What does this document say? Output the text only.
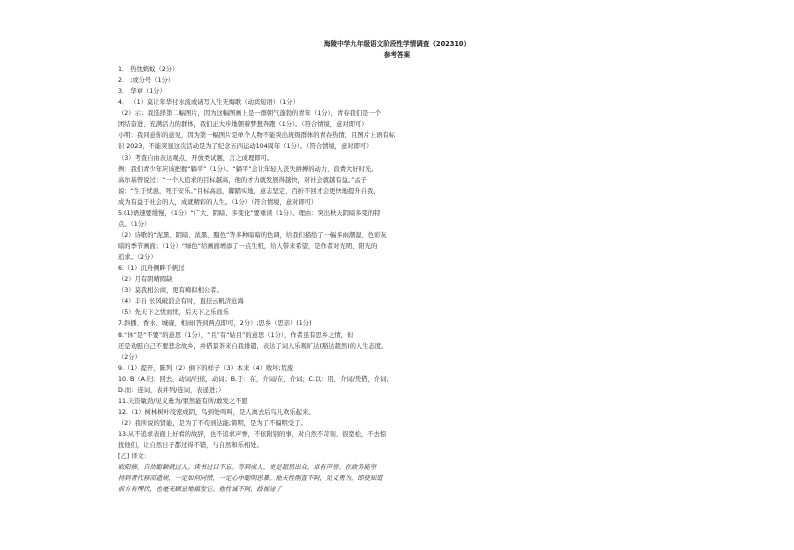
海陵中学九年级语文阶段性学情调查（202310）
参考答案
1． 热忱蚂蚁（2分）
2． ;或分号（1分）
3． 华章（1分）
4． （1）莫让年华付水流或请写人生无悔歌（动宾短语）（1分）
（2）示：我选择第二幅图片，因为这幅图画上是一群朝气蓬勃的青年（1分），青春我们是一个
团结奋进、充满活力的群体，我们正大步地朝着梦想奔跑（1分）。（符合情境，意对即可）
小明：我同意你的意见，因为第一幅图片是单个人物不能突出班级群体的青春热情，且图片上语有标
识 2023，不能突显这次活动是为了纪念五四运动104周年（1分）。（符合情境，意对即可）
（3）考查自由表达观点，开放类试题，言之成理即可。
例：我们青少年应该把握“躺平”（1分）。“躺平”会让年轻人丧失拼搏的动力，浪费大好时光。
高尔基曾说过：“一个人追求的目标越高，他的才力就发展得越快，对社会就越有益。”孟子
说：“生于忧患，死于安乐。”目标高远，脚踏实地，意志坚定，百折不回才会更快地提升自我，
成为有益于社会的人，成就精彩的人生。（1分）（符合情境，意对即可）
5.(1)语速要缓慢，（1分）“广大、阴暗、多变化”要重读（1分）。理由：突出秋天阴暗多变的特
点。（1分）
（2）诗歌的“泥黑、阴暗、浓黑、黯色”等多种暗暗的色调，给我们描绘了一幅多雨潮湿、色彩灰
暗的季节画面；（1分）“绿色”给画面增添了一点生机，给人带来希望，是作者对光明、阳光的
追求。（2分）
6.（1）沉舟侧畔千帆过
（2）月有阴晴圆缺
（3）莫我相公商，更有痴似相公者。
（4）丰自 长风破浪会有时，直挂云帆济沧海
（5）先天下之忧而忧，后天下之乐而乐
7.斜播、香水、城砚、相雨(答到两点即可，2分）;思乡（思亲）(1分)
8.“休”是“不要”的意思（1分），“且”有“姑且”的意思（1分），作者虽有思乡之情，但
还是劝慰自己不要悲念故乡，并借景茶来自我排遣，表达了词人乐观旷达(豁达超然)的人生态度。
（2分）
9.（1）提开，陈列（2）倒下的样子（3）本来（4）败坏;荒废
10. B（A.归：回去，动词/归依，动词；B.于：在，介词/在，介词；C.以：用，介词/凭借，介词；
D.而：连词，表并列/连词，表递进；）
11.天资敏劲/见义勇为/果然能有所/敢发之不愿
12.（1）树林树叶茂密成阴，鸟到处鸣叫，是人离去后鸟儿欢乐起来。
（2）我所说的贤能，是为了不苟到达能;简明，是为了不偏明受了。
13.从不追求表面上好看的故辞，也不追求声誉，不依附别的事，对自然不苛刻、很宽松，不去惊
扰他们，让自然日子都过得不错，与自然和乐相处。
[乙] 译文：
欧阳修，自幼聪颖就过人。读书过目不忘。等到成人，更是超然出众，卓有声誉。在政务能坚
持到者代移而遗规，一定如何同情，一定心中聪明思暴。他天性刚直不阿，见义勇为，即使知道
前方有埋伏，也毫无顾忌地搞发它。他性诚不阿，歧视途了
